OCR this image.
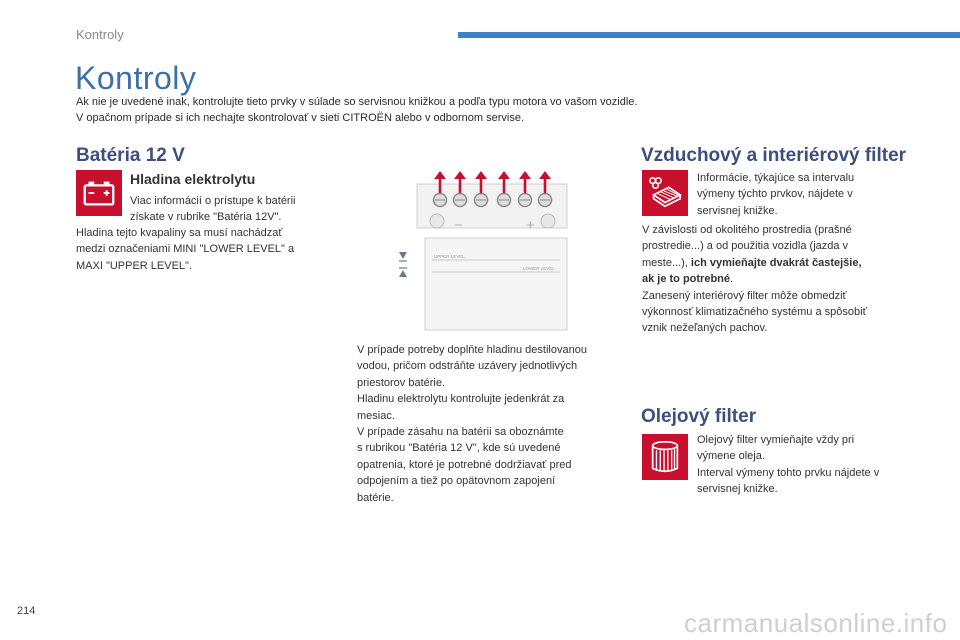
Kontroly
Kontroly
Ak nie je uvedené inak, kontrolujte tieto prvky v súlade so servisnou knižkou a podľa typu motora vo vašom vozidle.
V opačnom prípade si ich nechajte skontrolovať v sieti CITROËN alebo v odbornom servise.
Batéria 12 V
Hladina elektrolytu
Viac informácií o prístupe k batérii
získate v rubrike "Batéria 12V".
Hladina tejto kvapaliny sa musí nachádzať
medzi označeniami MINI "LOWER LEVEL" a
MAXI "UPPER LEVEL".
−	+
UPPER LEVEL
LOWER LEVEL
V prípade potreby doplňte hladinu destilovanou
vodou, pričom odstráňte uzávery jednotlivých
priestorov batérie.
Hladinu elektrolytu kontrolujte jedenkrát za
mesiac.
V prípade zásahu na batérii sa oboznámte
s rubrikou "Batéria 12 V", kde sú uvedené
opatrenia, ktoré je potrebné dodržiavať pred
odpojením a tiež po opätovnom zapojení
batérie.
Vzduchový a interiérový filter
Informácie, týkajúce sa intervalu
výmeny týchto prvkov, nájdete v
servisnej knižke.
V závislosti od okolitého prostredia (prašné
prostredie...) a od použitia vozidla (jazda v
meste...), ich vymieňajte dvakrát častejšie,
ak je to potrebné.
Zanesený interiérový filter môže obmedziť
výkonnosť klimatizačného systému a spôsobiť
vznik nežeľaných pachov.
Olejový filter
Olejový filter vymieňajte vždy pri
výmene oleja.
Interval výmeny tohto prvku nájdete v
servisnej knižke.
214	carmanualsonline.info
